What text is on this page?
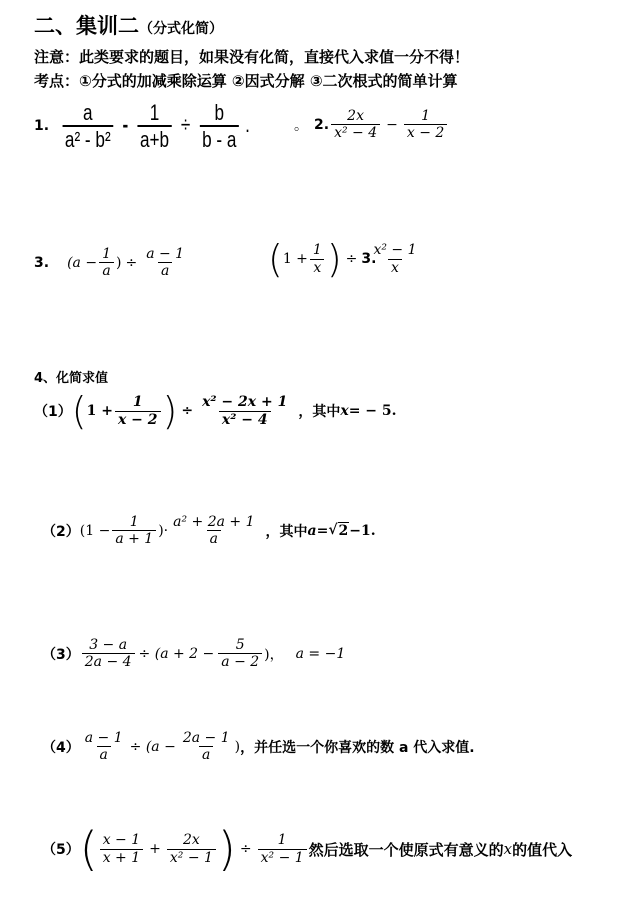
二、集训二（分式化简）
注意：此类要求的题目，如果没有化简，直接代入求值一分不得！
考点：①分式的加减乘除运算 ②因式分解 ③二次根式的简单计算
1. $\frac{a}{\text{a² - b²}} - \frac{1}{a+b} \div \frac{b}{b - a}$ .	。 2. $\frac{2x}{\text{x² − 4}} - \frac{1}{x - 2}$
3. ($a - \frac{1}{a}$ ) ÷ $\frac{a - 1}{a}$ ( $1 + \frac{1}{x}$ ) ÷ 3.
$\frac{\text{x² − 1}}{x}$
4、化简求值
（1） ( $1 + \frac{1}{x - 2}$ ) ÷ $\frac{\text{x² − 2x + 1}}{\text{x² − 4}}$ ，其中 x = − 5.
（2） ($1 - \frac{1}{a + 1}$ )· $\frac{\text{a² + 2a + 1}}{a}$ ，其中 a = √ 2 −1.
$(3) \frac{3 - a}{2a - 4} \div (a + 2 - \frac{5}{a - 2}$ )， a = −1
$(4) \frac{a - 1}{a} \div (a - \frac{2a - 1}{a}$ ) ，并任选一个你喜欢的数 a 代入求值.
（5） ( $\frac{x - 1}{x + 1} + \frac{2x}{\text{x² − 1}}$ ) ÷ $\frac{1}{\text{x² − 1}}$ 然后选取一个使原式有意义的 x 的值代入
